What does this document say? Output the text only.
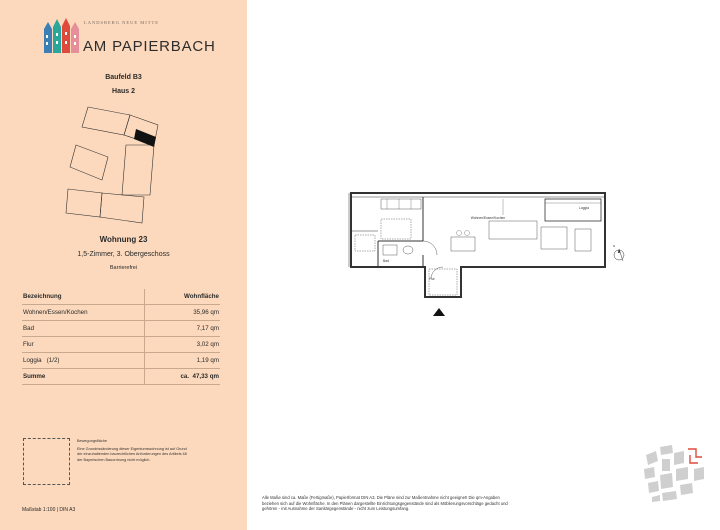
LANDSBERG NEUE MITTE
AM PAPIERBACH
Baufeld B3
Haus 2
Wohnung 23
1,5-Zimmer, 3. Obergeschoss
Barrierefrei
Bezeichnung	Wohnfläche
Wohnen/Essen/Kochen	35,96 qm
Bad	7,17 qm
Flur	3,02 qm
Loggia   (1/2)	1,19 qm
Summe	ca.  47,33 qm
Bewegungsfläche
Eine Grundrissänderung dieser Eigentumswohnung ist auf Grund der einzuhaltenden baurechtlichen Anforderungen des Artikels 48 der Bayerischen Bauordnung nicht möglich.
Maßstab 1:100 | DIN A3
Wohnen/Essen/Kochen
Loggia
Bad
Flur
N
Alle Maße sind ca. Maße (Fertigmaße), Papierformat DIN A3. Die Pläne sind zur Maßentnahme nicht geeignet! Die qm-Angaben beziehen sich auf die Wohnfläche. In den Plänen dargestellte Einrichtungsgegenstände sind als Möblierungsvorschläge gedacht und gehören - mit Ausnahme der Sanitärgegenstände - nicht zum Leistungsumfang.
